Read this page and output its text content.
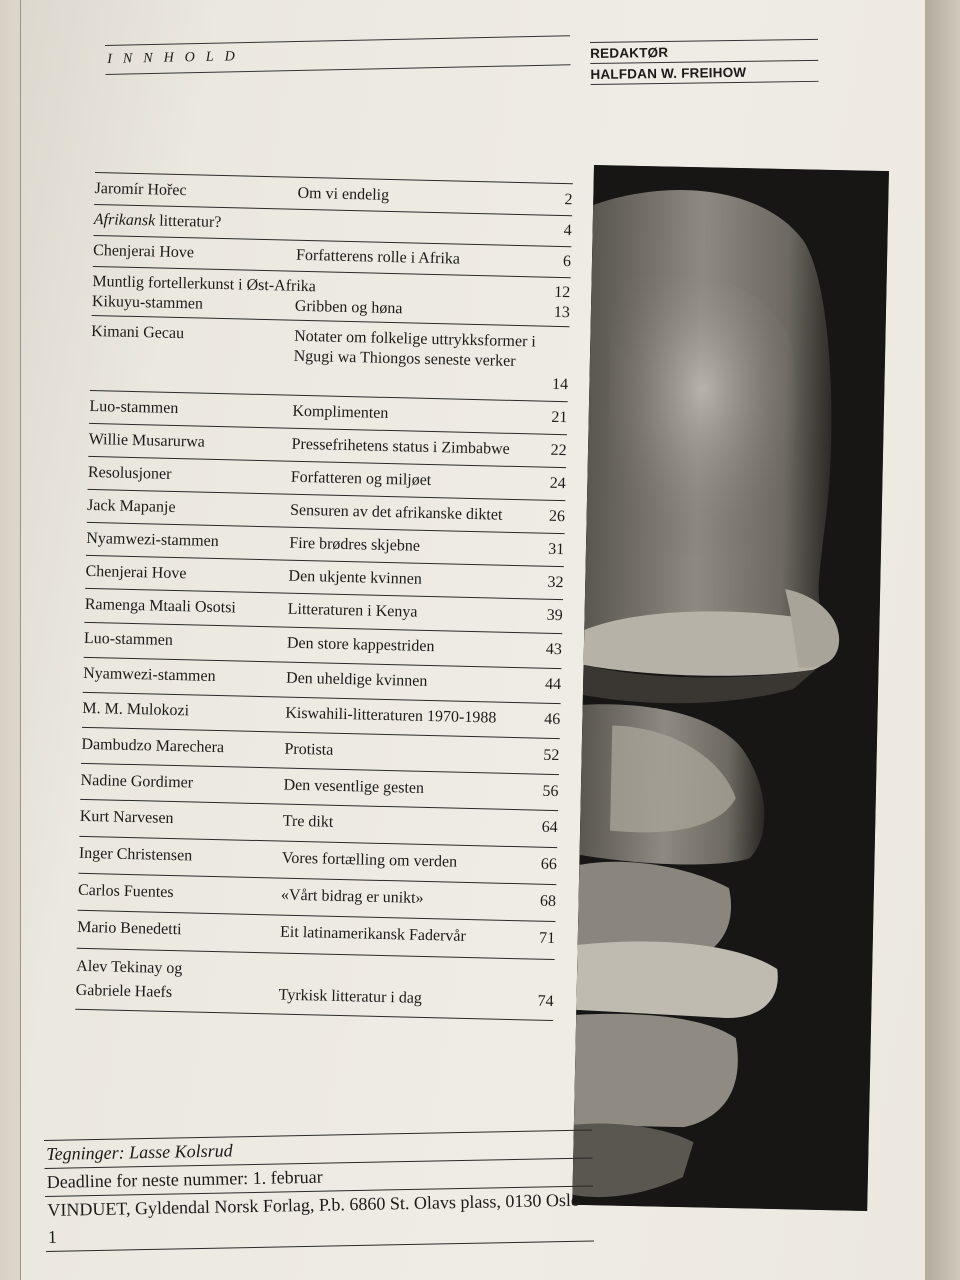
INNHOLD	REDAKTØR
HALFDAN W. FREIHOW
Jaromír Hořec	Om vi endelig	2
Afrikansk litteratur?	4
Chenjerai Hove	Forfatterens rolle i Afrika	6
Muntlig fortellerkunst i Øst-Afrika	12
Kikuyu-stammen	Gribben og høna	13
Kimani Gecau	Notater om folkelige uttrykksformer i Ngugi wa Thiongos seneste verker
14
Luo-stammen	Komplimenten	21
Willie Musarurwa	Pressefrihetens status i Zimbabwe	22
Resolusjoner	Forfatteren og miljøet	24
Jack Mapanje	Sensuren av det afrikanske diktet	26
Nyamwezi-stammen	Fire brødres skjebne	31
Chenjerai Hove	Den ukjente kvinnen	32
Ramenga Mtaali Osotsi	Litteraturen i Kenya	39
Luo-stammen	Den store kappestriden	43
Nyamwezi-stammen	Den uheldige kvinnen	44
M. M. Mulokozi	Kiswahili-litteraturen 1970-1988	46
Dambudzo Marechera	Protista	52
Nadine Gordimer	Den vesentlige gesten	56
Kurt Narvesen	Tre dikt	64
Inger Christensen	Vores fortælling om verden	66
Carlos Fuentes	«Vårt bidrag er unikt»	68
Mario Benedetti	Eit latinamerikansk Fadervår	71
Alev Tekinay og
Gabriele Haefs	Tyrkisk litteratur i dag	74
Tegninger: Lasse Kolsrud
Deadline for neste nummer: 1. februar
VINDUET, Gyldendal Norsk Forlag, P.b. 6860 St. Olavs plass, 0130 Oslo 1
